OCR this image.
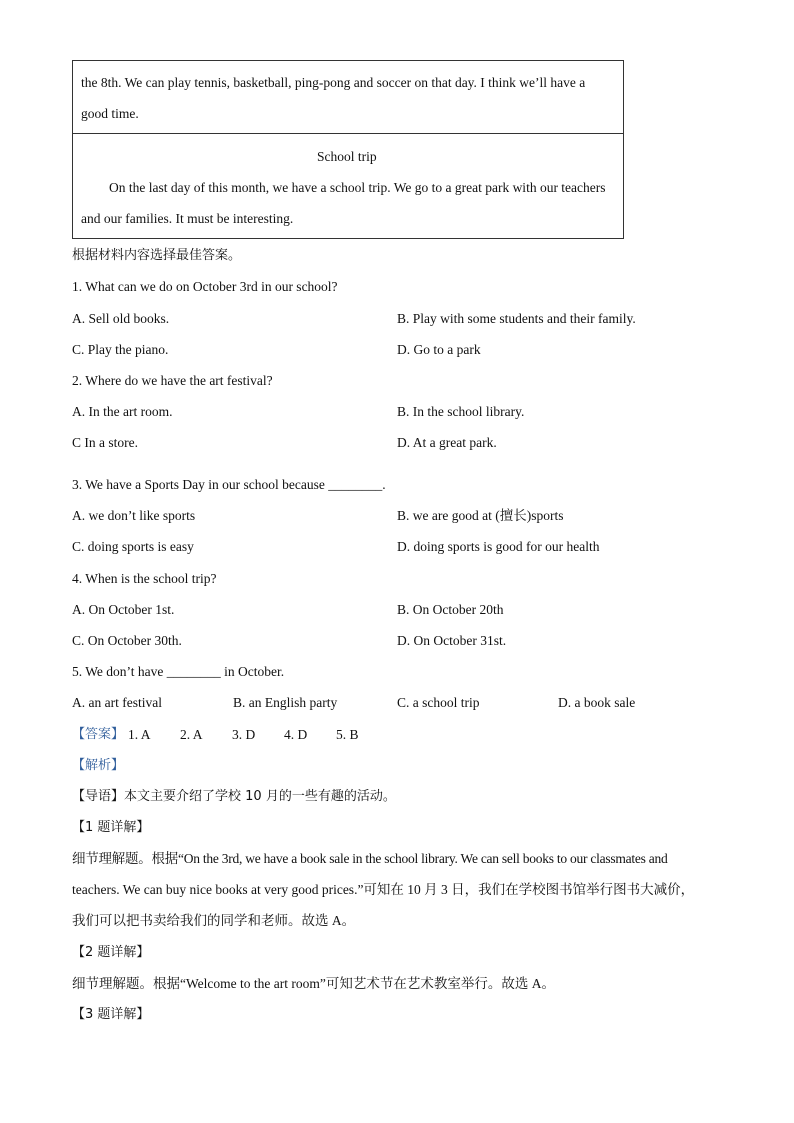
the 8th. We can play tennis, basketball, ping-pong and soccer on that day. I think we’ll have a
good time.
School trip
On the last day of this month, we have a school trip. We go to a great park with our teachers
and our families. It must be interesting.
根据材料内容选择最佳答案。
1. What can we do on October 3rd in our school?
A. Sell old books.	B. Play with some students and their family.
C. Play the piano.	D. Go to a park
2. Where do we have the art festival?
A. In the art room.	B. In the school library.
C In a store.	D. At a great park.
3. We have a Sports Day in our school because ________.
A. we don’t like sports	B. we are good at (擅长)sports
C. doing sports is easy	D. doing sports is good for our health
4. When is the school trip?
A. On October 1st.	B. On October 20th
C. On October 30th.	D. On October 31st.
5. We don’t have ________ in October.
A. an art festival	B. an English party	C. a school trip	D. a book sale
【答案】 1. A 2. A 3. D 4. D 5. B
【解析】
【导语】本文主要介绍了学校 10 月的一些有趣的活动。
【1 题详解】
细节理解题。根据“On the 3rd, we have a book sale in the school library. We can sell books to our classmates and
teachers. We can buy nice books at very good prices.”可知在 10 月 3 日，我们在学校图书馆举行图书大减价，
我们可以把书卖给我们的同学和老师。故选 A。
【2 题详解】
细节理解题。根据“Welcome to the art room”可知艺术节在艺术教室举行。故选 A。
【3 题详解】
